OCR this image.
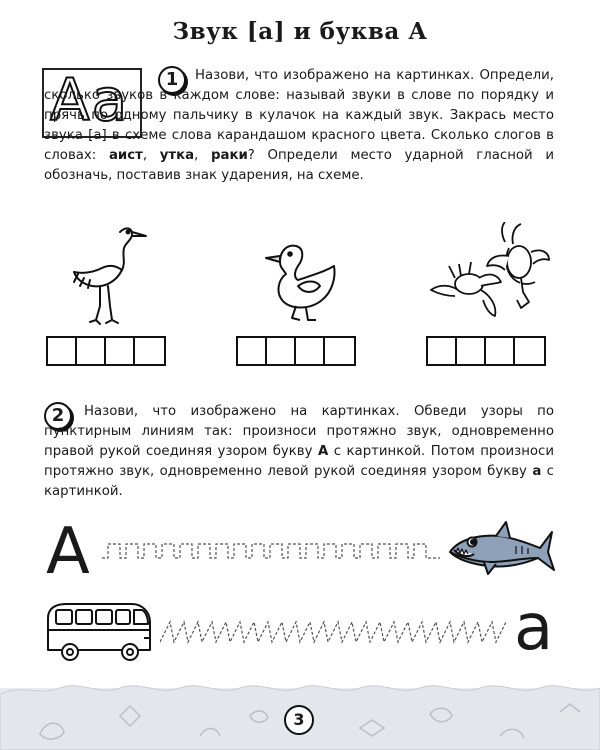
Звук [а] и буква А
Аа	1	Назови, что изображено на картинках. Определи, сколько звуков в каждом слове: называй звуки в слове по порядку и прячь по одному пальчику в кулачок на каждый звук. Закрась место звука [а] в схеме слова карандашом красного цвета. Сколько слогов в словах: аист, утка, раки? Определи место ударной гласной и обозначь, поставив знак ударения, на схеме.
2	Назови, что изображено на картинках. Обведи узоры по пунктирным линиям так: произноси протяжно звук, одновременно правой рукой соединяя узором букву А с картинкой. Потом произноси протяжно звук, одновременно левой рукой соединяя узором букву а с картинкой.
А
а
3
